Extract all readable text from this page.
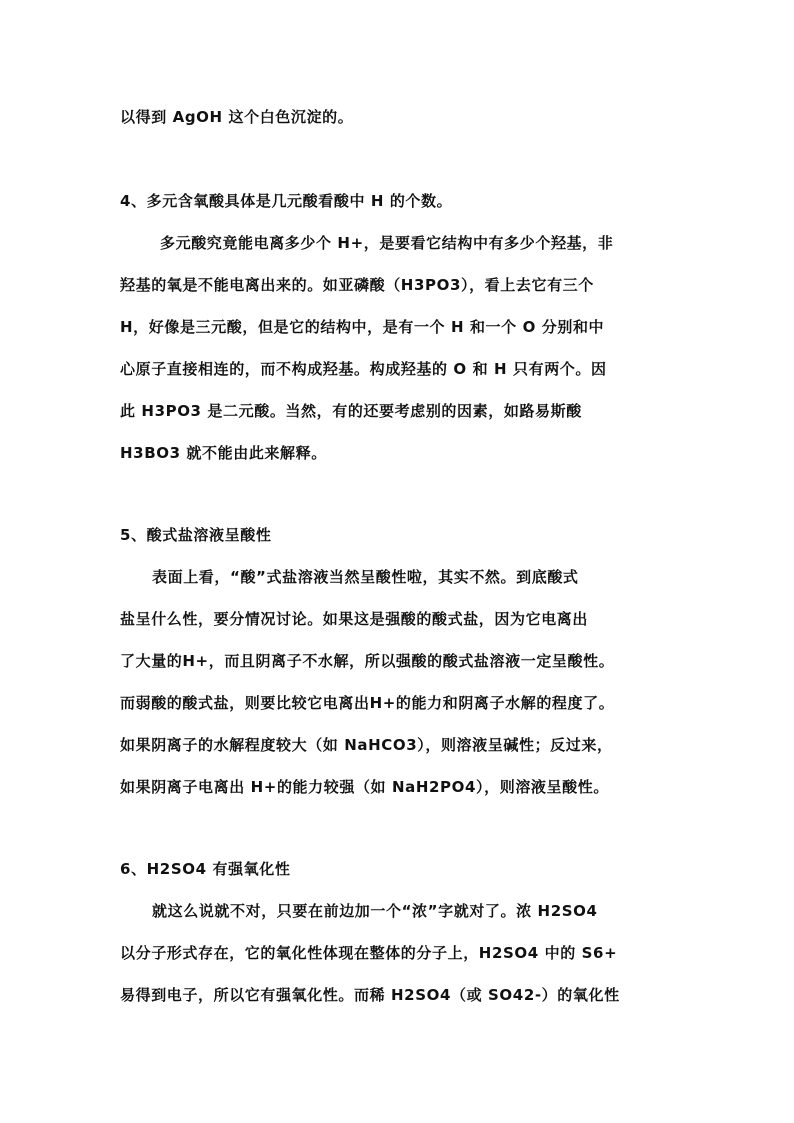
以得到 AgOH 这个白色沉淀的。
4、多元含氧酸具体是几元酸看酸中 H 的个数。
多元酸究竟能电离多少个 H+，是要看它结构中有多少个羟基，非
羟基的氧是不能电离出来的。如亚磷酸（H3PO3），看上去它有三个
H，好像是三元酸，但是它的结构中，是有一个 H 和一个 O 分别和中
心原子直接相连的，而不构成羟基。构成羟基的 O 和 H 只有两个。因
此 H3PO3 是二元酸。当然，有的还要考虑别的因素，如路易斯酸
H3BO3 就不能由此来解释。
5、酸式盐溶液呈酸性
表面上看，“酸”式盐溶液当然呈酸性啦，其实不然。到底酸式
盐呈什么性，要分情况讨论。如果这是强酸的酸式盐，因为它电离出
了大量的H+，而且阴离子不水解，所以强酸的酸式盐溶液一定呈酸性。
而弱酸的酸式盐，则要比较它电离出H+的能力和阴离子水解的程度了。
如果阴离子的水解程度较大（如 NaHCO3），则溶液呈碱性；反过来，
如果阴离子电离出 H+的能力较强（如 NaH2PO4），则溶液呈酸性。
6、H2SO4 有强氧化性
就这么说就不对，只要在前边加一个“浓”字就对了。浓 H2SO4
以分子形式存在，它的氧化性体现在整体的分子上，H2SO4 中的 S6+
易得到电子，所以它有强氧化性。而稀 H2SO4（或 SO42-）的氧化性
